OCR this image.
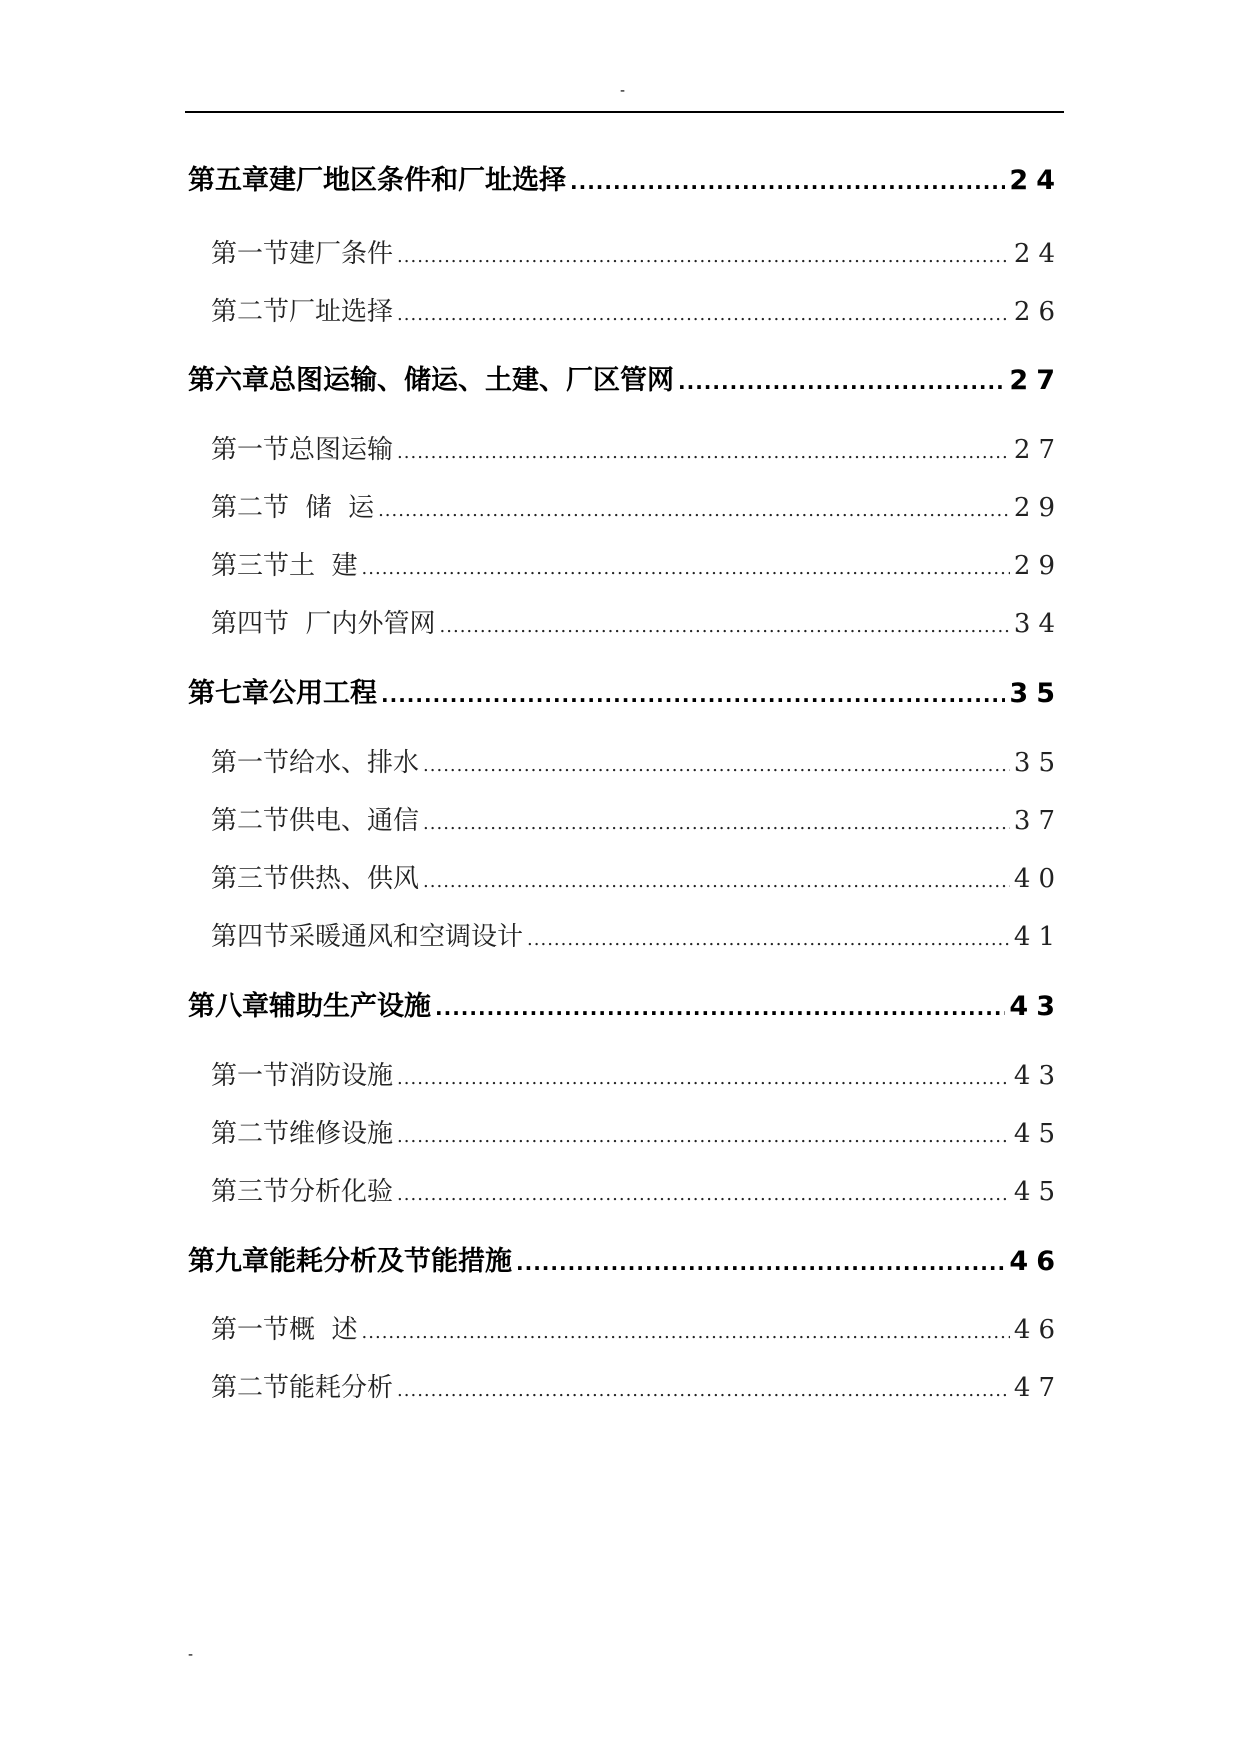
-
第五章 建厂地区条件和厂址选择 .....	24
第一节 建厂条件 .....	24
第二节 厂址选择 .....	26
第六章 总图运输、储运、土建、厂区管网 .....	27
第一节 总图运输 .....	27
第二节 储  运 .....	29
第三节 土  建 .....	29
第四节 厂内外管网 .....	34
第七章 公用工程 .....	35
第一节 给水、排水 .....	35
第二节 供电、通信 .....	37
第三节 供热、供风 .....	40
第四节 采暖通风和空调设计 .....	41
第八章 辅助生产设施 .....	43
第一节 消防设施 .....	43
第二节 维修设施 .....	45
第三节 分析化验 .....	45
第九章 能耗分析及节能措施 .....	46
第一节 概  述 .....	46
第二节 能耗分析 .....	47
-
